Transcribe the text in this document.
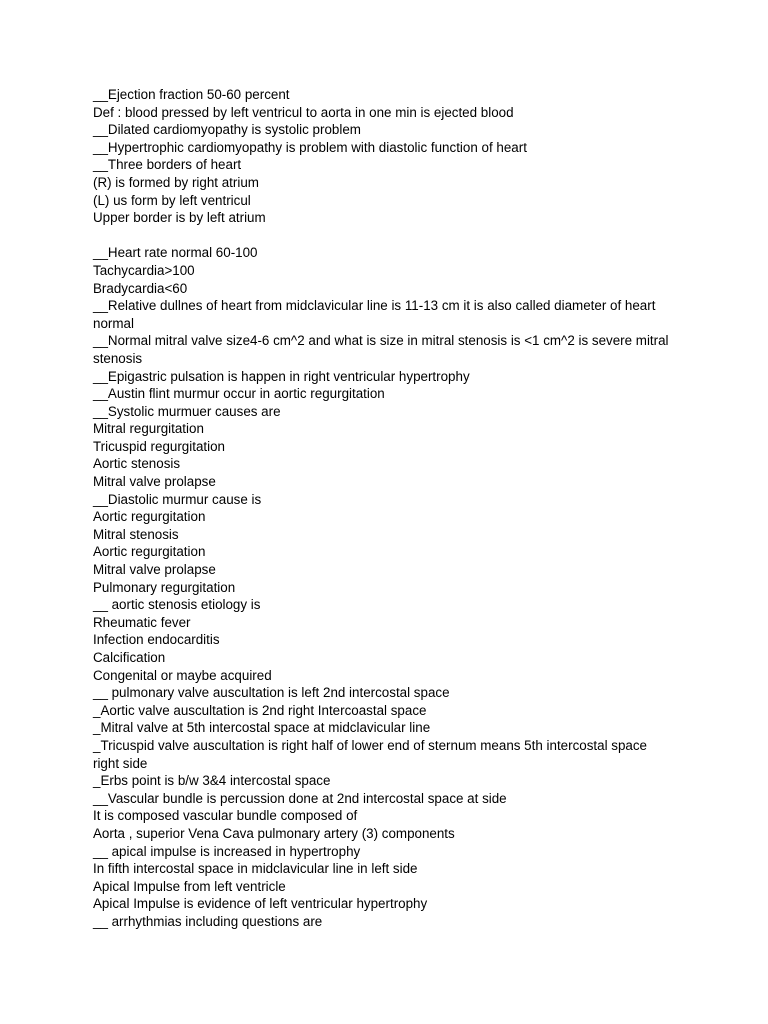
__Ejection fraction 50-60 percent
Def : blood pressed by left ventricul to aorta in one min is ejected blood
__Dilated cardiomyopathy is systolic problem
__Hypertrophic cardiomyopathy is problem with diastolic function of heart
__Three borders of heart
(R) is formed by right atrium
(L) us form by left ventricul
Upper border is by left atrium
__Heart rate normal 60-100
Tachycardia>100
Bradycardia<60
__Relative dullnes of heart from midclavicular line is 11-13 cm it is also called diameter of heart normal
__Normal mitral valve size4-6 cm^2 and what is size in mitral stenosis is <1 cm^2 is severe mitral stenosis
__Epigastric pulsation is happen in right ventricular hypertrophy
__Austin flint murmur occur in aortic regurgitation
__Systolic murmuer causes are
Mitral regurgitation
Tricuspid regurgitation
Aortic stenosis
Mitral valve prolapse
__Diastolic murmur cause is
Aortic regurgitation
Mitral stenosis
Aortic regurgitation
Mitral valve prolapse
Pulmonary regurgitation
__ aortic stenosis etiology is
Rheumatic fever
Infection endocarditis
Calcification
Congenital or maybe acquired
__ pulmonary valve auscultation is left 2nd intercostal space
_Aortic valve auscultation is 2nd right Intercoastal space
_Mitral valve at 5th intercostal space at midclavicular line
_Tricuspid valve auscultation is right half of lower end of sternum means 5th intercostal space right side
_Erbs point is b/w 3&4 intercostal space
__Vascular bundle is percussion done at 2nd intercostal space at side
It is composed vascular bundle composed of
Aorta , superior Vena Cava pulmonary artery (3) components
__ apical impulse is increased in hypertrophy
In fifth intercostal space in midclavicular line in left side
Apical Impulse from left ventricle
Apical Impulse is evidence of left ventricular hypertrophy
__ arrhythmias including questions are
